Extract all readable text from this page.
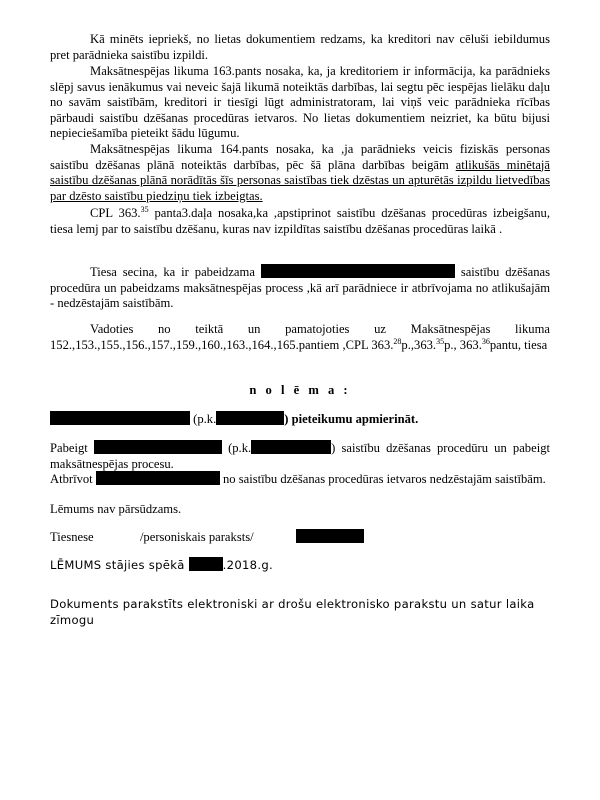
Kā minēts iepriekš, no lietas dokumentiem redzams, ka kreditori nav cēluši iebildumus pret parādnieka saistību izpildi.

Maksātnespējas likuma 163.pants nosaka, ka, ja kreditoriem ir informācija, ka parādnieks slēpj savus ienākumus vai neveic šajā likumā noteiktās darbības, lai segtu pēc iespējas lielāku daļu no savām saistībām, kreditori ir tiesīgi lūgt administratoram, lai viņš veic parādnieka rīcības pārbaudi saistību dzēšanas procedūras ietvaros. No lietas dokumentiem neizriet, ka būtu bijusi nepieciešamība pieteikt šādu lūgumu.

Maksātnespējas likuma 164.pants nosaka, ka ,ja parādnieks veicis fiziskās personas saistību dzēšanas plānā noteiktās darbības, pēc šā plāna darbības beigām atlikušās minētajā saistību dzēšanas plānā norādītās šīs personas saistības tiek dzēstas un apturētās izpildu lietvedības par dzēsto saistību piedziņu tiek izbeigtas.

CPL 363.35 panta3.daļa nosaka,ka ,apstiprinot saistību dzēšanas procedūras izbeigšanu, tiesa lemj par to saistību dzēšanu, kuras nav izpildītas saistību dzēšanas procedūras laikā .

Tiesa secina, ka ir pabeidzama	saistību dzēšanas procedūra un pabeidzams maksātnespējas process ,kā arī parādniece ir atbrīvojama no atlikušajām - nedzēstajām saistībām.

Vadoties no teiktā un pamatojoties uz Maksātnespējas likuma 152.,153.,155.,156.,157.,159.,160.,163.,164.,165.pantiem ,CPL 363.28p.,363.35p., 363.36pantu, tiesa

n o l ē m a :
(p.k.	) pieteikumu apmierināt.

Pabeigt	(p.k.	) saistību dzēšanas procedūru un pabeigt maksātnespējas procesu.

Atbrīvot	no saistību dzēšanas procedūras ietvaros nedzēstajām saistībām.

Lēmums nav pārsūdzams.
Tiesnese	/personiskais paraksts/
LĒMUMS stājies spēkā	.2018.g.

Dokuments parakstīts elektroniski ar drošu elektronisko parakstu un satur laika zīmogu
